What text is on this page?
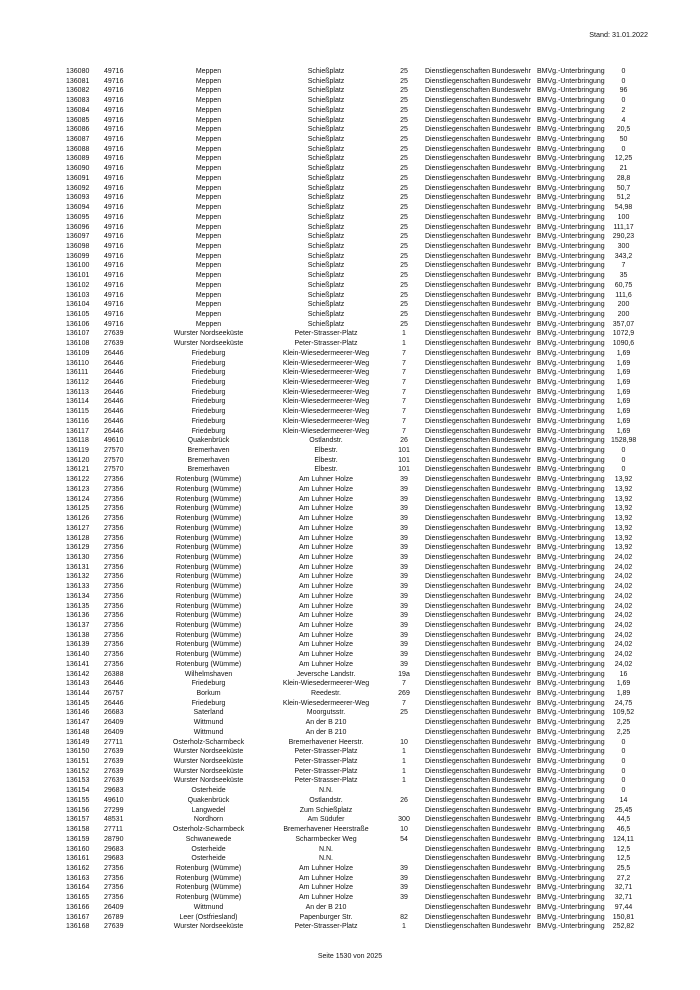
Stand: 31.01.2022
136080	49716	Meppen	Schießplatz	25	Dienstliegenschaften Bundeswehr BMVg.-Unterbringung	0
136081	49716	Meppen	Schießplatz	25	Dienstliegenschaften Bundeswehr BMVg.-Unterbringung	0
136082	49716	Meppen	Schießplatz	25	Dienstliegenschaften Bundeswehr BMVg.-Unterbringung	96
136083	49716	Meppen	Schießplatz	25	Dienstliegenschaften Bundeswehr BMVg.-Unterbringung	0
136084	49716	Meppen	Schießplatz	25	Dienstliegenschaften Bundeswehr BMVg.-Unterbringung	2
136085	49716	Meppen	Schießplatz	25	Dienstliegenschaften Bundeswehr BMVg.-Unterbringung	4
136086	49716	Meppen	Schießplatz	25	Dienstliegenschaften Bundeswehr BMVg.-Unterbringung	20,5
136087	49716	Meppen	Schießplatz	25	Dienstliegenschaften Bundeswehr BMVg.-Unterbringung	50
136088	49716	Meppen	Schießplatz	25	Dienstliegenschaften Bundeswehr BMVg.-Unterbringung	0
136089	49716	Meppen	Schießplatz	25	Dienstliegenschaften Bundeswehr BMVg.-Unterbringung	12,25
136090	49716	Meppen	Schießplatz	25	Dienstliegenschaften Bundeswehr BMVg.-Unterbringung	21
136091	49716	Meppen	Schießplatz	25	Dienstliegenschaften Bundeswehr BMVg.-Unterbringung	28,8
136092	49716	Meppen	Schießplatz	25	Dienstliegenschaften Bundeswehr BMVg.-Unterbringung	50,7
136093	49716	Meppen	Schießplatz	25	Dienstliegenschaften Bundeswehr BMVg.-Unterbringung	51,2
136094	49716	Meppen	Schießplatz	25	Dienstliegenschaften Bundeswehr BMVg.-Unterbringung	54,98
136095	49716	Meppen	Schießplatz	25	Dienstliegenschaften Bundeswehr BMVg.-Unterbringung	100
136096	49716	Meppen	Schießplatz	25	Dienstliegenschaften Bundeswehr BMVg.-Unterbringung	111,17
136097	49716	Meppen	Schießplatz	25	Dienstliegenschaften Bundeswehr BMVg.-Unterbringung	290,23
136098	49716	Meppen	Schießplatz	25	Dienstliegenschaften Bundeswehr BMVg.-Unterbringung	300
136099	49716	Meppen	Schießplatz	25	Dienstliegenschaften Bundeswehr BMVg.-Unterbringung	343,2
136100	49716	Meppen	Schießplatz	25	Dienstliegenschaften Bundeswehr BMVg.-Unterbringung	7
136101	49716	Meppen	Schießplatz	25	Dienstliegenschaften Bundeswehr BMVg.-Unterbringung	35
136102	49716	Meppen	Schießplatz	25	Dienstliegenschaften Bundeswehr BMVg.-Unterbringung	60,75
136103	49716	Meppen	Schießplatz	25	Dienstliegenschaften Bundeswehr BMVg.-Unterbringung	111,6
136104	49716	Meppen	Schießplatz	25	Dienstliegenschaften Bundeswehr BMVg.-Unterbringung	200
136105	49716	Meppen	Schießplatz	25	Dienstliegenschaften Bundeswehr BMVg.-Unterbringung	200
136106	49716	Meppen	Schießplatz	25	Dienstliegenschaften Bundeswehr BMVg.-Unterbringung	357,07
136107	27639	Wurster Nordseeküste	Peter-Strasser-Platz	1	Dienstliegenschaften Bundeswehr BMVg.-Unterbringung	1072,9
136108	27639	Wurster Nordseeküste	Peter-Strasser-Platz	1	Dienstliegenschaften Bundeswehr BMVg.-Unterbringung	1090,6
136109	26446	Friedeburg	Klein-Wiesedermeerer-Weg	7	Dienstliegenschaften Bundeswehr BMVg.-Unterbringung	1,69
136110	26446	Friedeburg	Klein-Wiesedermeerer-Weg	7	Dienstliegenschaften Bundeswehr BMVg.-Unterbringung	1,69
136111	26446	Friedeburg	Klein-Wiesedermeerer-Weg	7	Dienstliegenschaften Bundeswehr BMVg.-Unterbringung	1,69
136112	26446	Friedeburg	Klein-Wiesedermeerer-Weg	7	Dienstliegenschaften Bundeswehr BMVg.-Unterbringung	1,69
136113	26446	Friedeburg	Klein-Wiesedermeerer-Weg	7	Dienstliegenschaften Bundeswehr BMVg.-Unterbringung	1,69
136114	26446	Friedeburg	Klein-Wiesedermeerer-Weg	7	Dienstliegenschaften Bundeswehr BMVg.-Unterbringung	1,69
136115	26446	Friedeburg	Klein-Wiesedermeerer-Weg	7	Dienstliegenschaften Bundeswehr BMVg.-Unterbringung	1,69
136116	26446	Friedeburg	Klein-Wiesedermeerer-Weg	7	Dienstliegenschaften Bundeswehr BMVg.-Unterbringung	1,69
136117	26446	Friedeburg	Klein-Wiesedermeerer-Weg	7	Dienstliegenschaften Bundeswehr BMVg.-Unterbringung	1,69
136118	49610	Quakenbrück	Ostlandstr.	26	Dienstliegenschaften Bundeswehr BMVg.-Unterbringung 1528,98
136119	27570	Bremerhaven	Elbestr.	101	Dienstliegenschaften Bundeswehr BMVg.-Unterbringung	0
136120	27570	Bremerhaven	Elbestr.	101	Dienstliegenschaften Bundeswehr BMVg.-Unterbringung	0
136121	27570	Bremerhaven	Elbestr.	101	Dienstliegenschaften Bundeswehr BMVg.-Unterbringung	0
136122	27356	Rotenburg (Wümme)	Am Luhner Holze	39	Dienstliegenschaften Bundeswehr BMVg.-Unterbringung	13,92
136123	27356	Rotenburg (Wümme)	Am Luhner Holze	39	Dienstliegenschaften Bundeswehr BMVg.-Unterbringung	13,92
136124	27356	Rotenburg (Wümme)	Am Luhner Holze	39	Dienstliegenschaften Bundeswehr BMVg.-Unterbringung	13,92
136125	27356	Rotenburg (Wümme)	Am Luhner Holze	39	Dienstliegenschaften Bundeswehr BMVg.-Unterbringung	13,92
136126	27356	Rotenburg (Wümme)	Am Luhner Holze	39	Dienstliegenschaften Bundeswehr BMVg.-Unterbringung	13,92
136127	27356	Rotenburg (Wümme)	Am Luhner Holze	39	Dienstliegenschaften Bundeswehr BMVg.-Unterbringung	13,92
136128	27356	Rotenburg (Wümme)	Am Luhner Holze	39	Dienstliegenschaften Bundeswehr BMVg.-Unterbringung	13,92
136129	27356	Rotenburg (Wümme)	Am Luhner Holze	39	Dienstliegenschaften Bundeswehr BMVg.-Unterbringung	13,92
136130	27356	Rotenburg (Wümme)	Am Luhner Holze	39	Dienstliegenschaften Bundeswehr BMVg.-Unterbringung	24,02
136131	27356	Rotenburg (Wümme)	Am Luhner Holze	39	Dienstliegenschaften Bundeswehr BMVg.-Unterbringung	24,02
136132	27356	Rotenburg (Wümme)	Am Luhner Holze	39	Dienstliegenschaften Bundeswehr BMVg.-Unterbringung	24,02
136133	27356	Rotenburg (Wümme)	Am Luhner Holze	39	Dienstliegenschaften Bundeswehr BMVg.-Unterbringung	24,02
136134	27356	Rotenburg (Wümme)	Am Luhner Holze	39	Dienstliegenschaften Bundeswehr BMVg.-Unterbringung	24,02
136135	27356	Rotenburg (Wümme)	Am Luhner Holze	39	Dienstliegenschaften Bundeswehr BMVg.-Unterbringung	24,02
136136	27356	Rotenburg (Wümme)	Am Luhner Holze	39	Dienstliegenschaften Bundeswehr BMVg.-Unterbringung	24,02
136137	27356	Rotenburg (Wümme)	Am Luhner Holze	39	Dienstliegenschaften Bundeswehr BMVg.-Unterbringung	24,02
136138	27356	Rotenburg (Wümme)	Am Luhner Holze	39	Dienstliegenschaften Bundeswehr BMVg.-Unterbringung	24,02
136139	27356	Rotenburg (Wümme)	Am Luhner Holze	39	Dienstliegenschaften Bundeswehr BMVg.-Unterbringung	24,02
136140	27356	Rotenburg (Wümme)	Am Luhner Holze	39	Dienstliegenschaften Bundeswehr BMVg.-Unterbringung	24,02
136141	27356	Rotenburg (Wümme)	Am Luhner Holze	39	Dienstliegenschaften Bundeswehr BMVg.-Unterbringung	24,02
136142	26388	Wilhelmshaven	Jeversche Landstr.	19a	Dienstliegenschaften Bundeswehr BMVg.-Unterbringung	16
136143	26446	Friedeburg	Klein-Wiesedermeerer-Weg	7	Dienstliegenschaften Bundeswehr BMVg.-Unterbringung	1,69
136144	26757	Borkum	Reedestr.	269	Dienstliegenschaften Bundeswehr BMVg.-Unterbringung	1,89
136145	26446	Friedeburg	Klein-Wiesedermeerer-Weg	7	Dienstliegenschaften Bundeswehr BMVg.-Unterbringung	24,75
136146	26683	Saterland	Moorgutsstr.	25	Dienstliegenschaften Bundeswehr BMVg.-Unterbringung	109,52
136147	26409	Wittmund	An der B 210	Dienstliegenschaften Bundeswehr BMVg.-Unterbringung	2,25
136148	26409	Wittmund	An der B 210	Dienstliegenschaften Bundeswehr BMVg.-Unterbringung	2,25
136149	27711	Osterholz-Scharmbeck	Bremerhavener Heerstr.	10	Dienstliegenschaften Bundeswehr BMVg.-Unterbringung	0
136150	27639	Wurster Nordseeküste	Peter-Strasser-Platz	1	Dienstliegenschaften Bundeswehr BMVg.-Unterbringung	0
136151	27639	Wurster Nordseeküste	Peter-Strasser-Platz	1	Dienstliegenschaften Bundeswehr BMVg.-Unterbringung	0
136152	27639	Wurster Nordseeküste	Peter-Strasser-Platz	1	Dienstliegenschaften Bundeswehr BMVg.-Unterbringung	0
136153	27639	Wurster Nordseeküste	Peter-Strasser-Platz	1	Dienstliegenschaften Bundeswehr BMVg.-Unterbringung	0
136154	29683	Osterheide	N.N.	Dienstliegenschaften Bundeswehr BMVg.-Unterbringung	0
136155	49610	Quakenbrück	Ostlandstr.	26	Dienstliegenschaften Bundeswehr BMVg.-Unterbringung	14
136156	27299	Langwedel	Zum Schießplatz	Dienstliegenschaften Bundeswehr BMVg.-Unterbringung	25,45
136157	48531	Nordhorn	Am Südufer	300	Dienstliegenschaften Bundeswehr BMVg.-Unterbringung	44,5
136158	27711	Osterholz-Scharmbeck	Bremerhavener Heerstraße	10	Dienstliegenschaften Bundeswehr BMVg.-Unterbringung	46,5
136159	28790	Schwanewede	Scharmbecker Weg	54	Dienstliegenschaften Bundeswehr BMVg.-Unterbringung	124,11
136160	29683	Osterheide	N.N.	Dienstliegenschaften Bundeswehr BMVg.-Unterbringung	12,5
136161	29683	Osterheide	N.N.	Dienstliegenschaften Bundeswehr BMVg.-Unterbringung	12,5
136162	27356	Rotenburg (Wümme)	Am Luhner Holze	39	Dienstliegenschaften Bundeswehr BMVg.-Unterbringung	25,5
136163	27356	Rotenburg (Wümme)	Am Luhner Holze	39	Dienstliegenschaften Bundeswehr BMVg.-Unterbringung	27,2
136164	27356	Rotenburg (Wümme)	Am Luhner Holze	39	Dienstliegenschaften Bundeswehr BMVg.-Unterbringung	32,71
136165	27356	Rotenburg (Wümme)	Am Luhner Holze	39	Dienstliegenschaften Bundeswehr BMVg.-Unterbringung	32,71
136166	26409	Wittmund	An der B 210	Dienstliegenschaften Bundeswehr BMVg.-Unterbringung	97,44
136167	26789	Leer (Ostfriesland)	Papenburger Str.	82	Dienstliegenschaften Bundeswehr BMVg.-Unterbringung	150,81
136168	27639	Wurster Nordseeküste	Peter-Strasser-Platz	1	Dienstliegenschaften Bundeswehr BMVg.-Unterbringung	252,82
Seite 1530 von 2025
